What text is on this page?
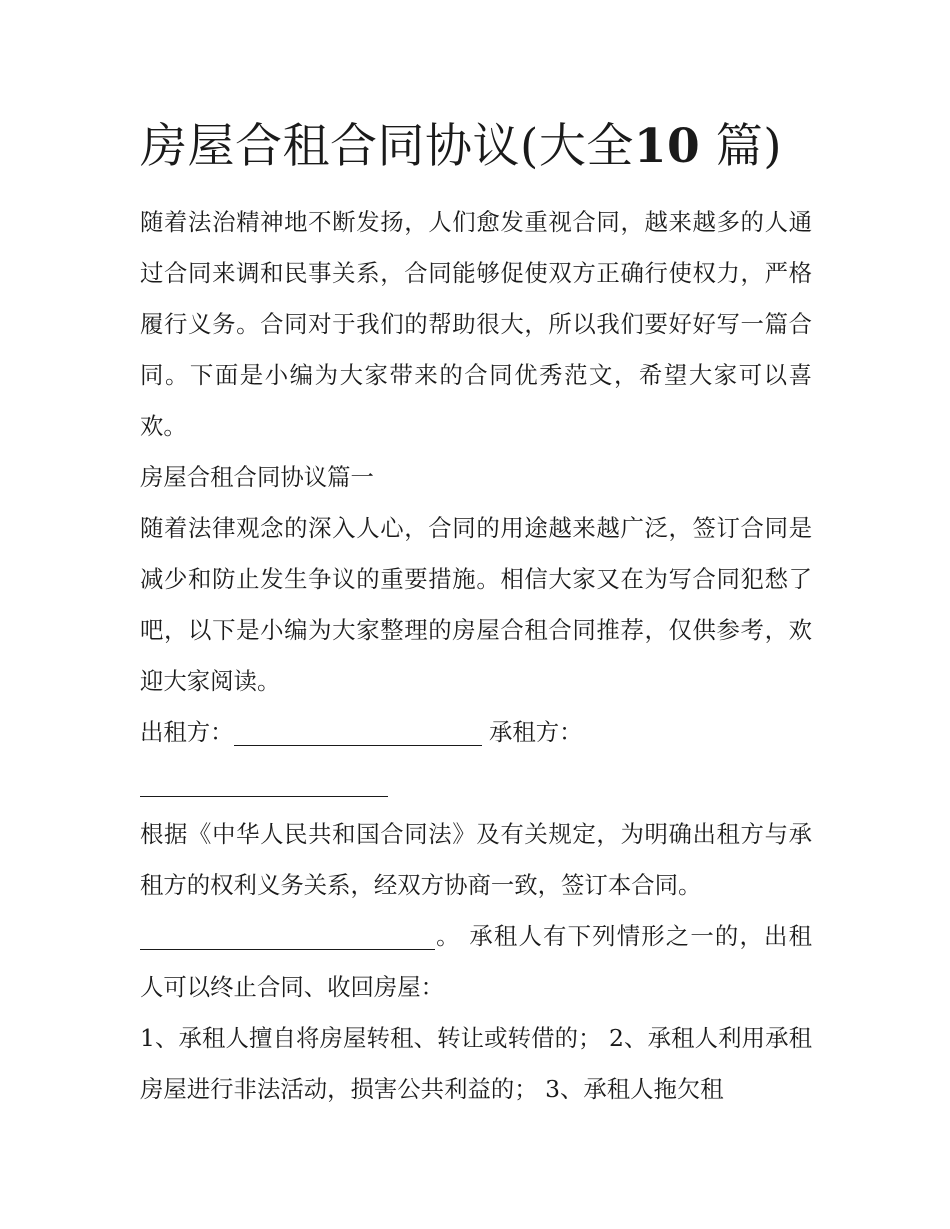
房屋合租合同协议(大全10 篇)

随着法治精神地不断发扬，人们愈发重视合同，越来越多的人通过合同来调和民事关系，合同能够促使双方正确行使权力，严格履行义务。合同对于我们的帮助很大，所以我们要好好写一篇合同。下面是小编为大家带来的合同优秀范文，希望大家可以喜欢。

房屋合租合同协议篇一

随着法律观念的深入人心，合同的用途越来越广泛，签订合同是减少和防止发生争议的重要措施。相信大家又在为写合同犯愁了吧，以下是小编为大家整理的房屋合租合同推荐，仅供参考，欢迎大家阅读。

出租方：	承租方：

根据《中华人民共和国合同法》及有关规定，为明确出租方与承租方的权利义务关系，经双方协商一致，签订本合同。

。 承租人有下列情形之一的，出租人可以终止合同、收回房屋：

1、承租人擅自将房屋转租、转让或转借的； 2、承租人利用承租房屋进行非法活动，损害公共利益的； 3、承租人拖欠租
